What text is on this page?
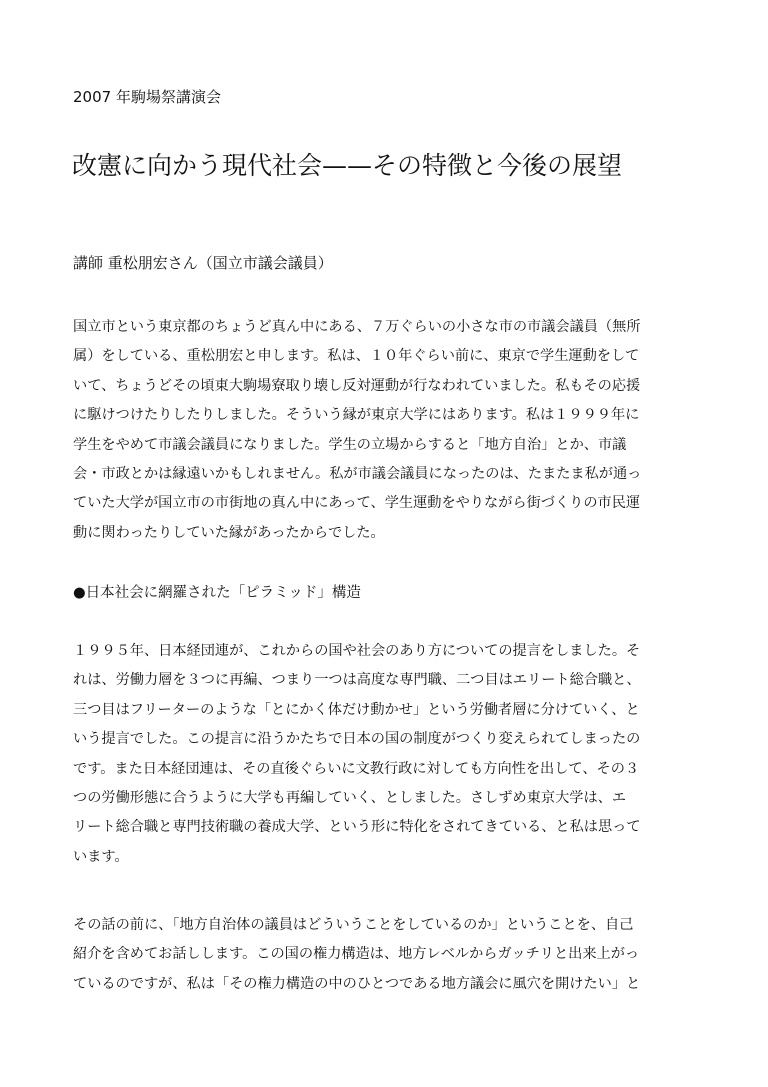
2007 年駒場祭講演会
改憲に向かう現代社会——その特徴と今後の展望
講師 重松朋宏さん（国立市議会議員）

国立市という東京都のちょうど真ん中にある、７万ぐらいの小さな市の市議会議員（無所
属）をしている、重松朋宏と申します。私は、１０年ぐらい前に、東京で学生運動をして
いて、ちょうどその頃東大駒場寮取り壊し反対運動が行なわれていました。私もその応援
に駆けつけたりしたりしました。そういう縁が東京大学にはあります。私は１９９９年に
学生をやめて市議会議員になりました。学生の立場からすると「地方自治」とか、市議
会・市政とかは縁遠いかもしれません。私が市議会議員になったのは、たまたま私が通っ
ていた大学が国立市の市街地の真ん中にあって、学生運動をやりながら街づくりの市民運
動に関わったりしていた縁があったからでした。

●日本社会に網羅された「ピラミッド」構造

１９９５年、日本経団連が、これからの国や社会のあり方についての提言をしました。そ
れは、労働力層を３つに再編、つまり一つは高度な専門職、二つ目はエリート総合職と、
三つ目はフリーターのような「とにかく体だけ動かせ」という労働者層に分けていく、と
いう提言でした。この提言に沿うかたちで日本の国の制度がつくり変えられてしまったの
です。また日本経団連は、その直後ぐらいに文教行政に対しても方向性を出して、その３
つの労働形態に合うように大学も再編していく、としました。さしずめ東京大学は、エ
リート総合職と専門技術職の養成大学、という形に特化をされてきている、と私は思って
います。

その話の前に、「地方自治体の議員はどういうことをしているのか」ということを、自己
紹介を含めてお話しします。この国の権力構造は、地方レベルからガッチリと出来上がっ
ているのですが、私は「その権力構造の中のひとつである地方議会に風穴を開けたい」と
